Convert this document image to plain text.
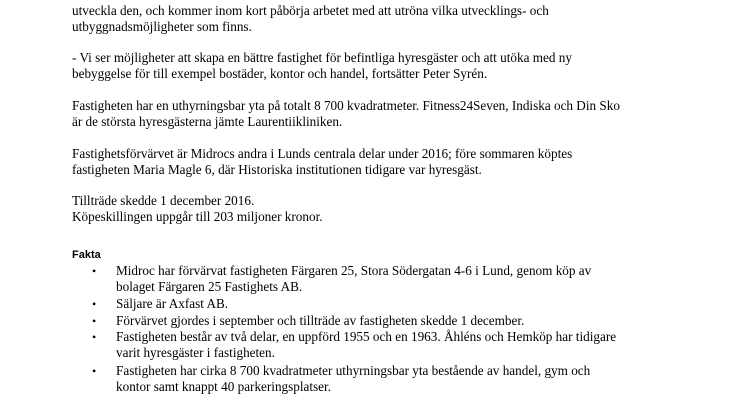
utveckla den, och kommer inom kort påbörja arbetet med att utröna vilka utvecklings- och
utbyggnadsmöjligheter som finns.
- Vi ser möjligheter att skapa en bättre fastighet för befintliga hyresgäster och att utöka med ny
bebyggelse för till exempel bostäder, kontor och handel, fortsätter Peter Syrén.
Fastigheten har en uthyrningsbar yta på totalt 8 700 kvadratmeter. Fitness24Seven, Indiska och Din Sko
är de största hyresgästerna jämte Laurentiikliniken.
Fastighetsförvärvet är Midrocs andra i Lunds centrala delar under 2016; före sommaren köptes
fastigheten Maria Magle 6, där Historiska institutionen tidigare var hyresgäst.
Tillträde skedde 1 december 2016.
Köpeskillingen uppgår till 203 miljoner kronor.
Fakta
• Midroc har förvärvat fastigheten Färgaren 25, Stora Södergatan 4-6 i Lund, genom köp av
bolaget Färgaren 25 Fastighets AB.
• Säljare är Axfast AB.
• Förvärvet gjordes i september och tillträde av fastigheten skedde 1 december.
• Fastigheten består av två delar, en uppförd 1955 och en 1963. Åhléns och Hemköp har tidigare
varit hyresgäster i fastigheten.
• Fastigheten har cirka 8 700 kvadratmeter uthyrningsbar yta bestående av handel, gym och
kontor samt knappt 40 parkeringsplatser.
